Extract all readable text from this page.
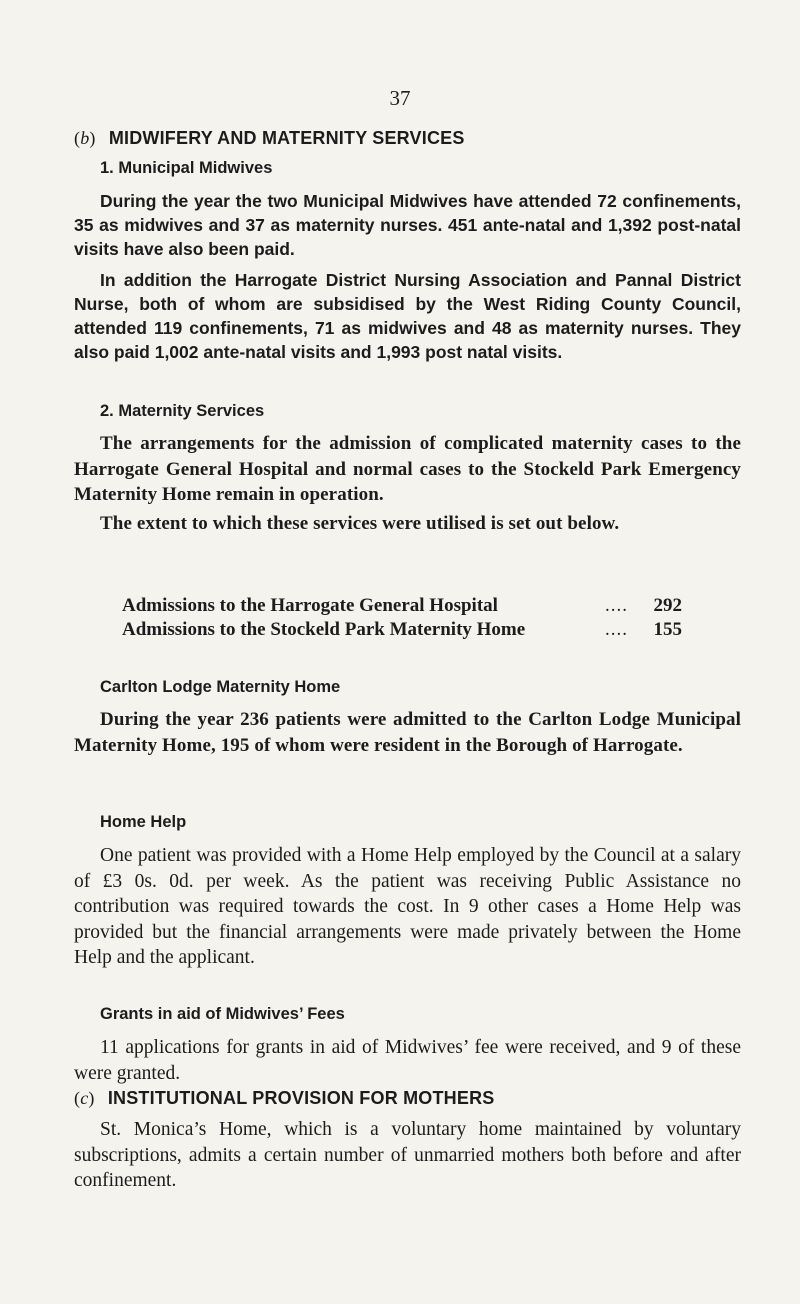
37
(b) MIDWIFERY AND MATERNITY SERVICES
1. Municipal Midwives
During the year the two Municipal Midwives have attended 72 confinements, 35 as midwives and 37 as maternity nurses. 451 ante-natal and 1,392 post-natal visits have also been paid.
In addition the Harrogate District Nursing Association and Pannal District Nurse, both of whom are subsidised by the West Riding County Council, attended 119 confinements, 71 as midwives and 48 as maternity nurses. They also paid 1,002 ante-natal visits and 1,993 post natal visits.
2. Maternity Services
The arrangements for the admission of complicated maternity cases to the Harrogate General Hospital and normal cases to the Stockeld Park Emergency Maternity Home remain in operation.
The extent to which these services were utilised is set out below.
Admissions to the Harrogate General Hospital	....	292
Admissions to the Stockeld Park Maternity Home	....	155
Carlton Lodge Maternity Home
During the year 236 patients were admitted to the Carlton Lodge Municipal Maternity Home, 195 of whom were resident in the Borough of Harrogate.
Home Help
One patient was provided with a Home Help employed by the Council at a salary of £3 0s. 0d. per week. As the patient was receiving Public Assistance no contribution was required towards the cost. In 9 other cases a Home Help was provided but the financial arrangements were made privately between the Home Help and the applicant.
Grants in aid of Midwives’ Fees
11 applications for grants in aid of Midwives’ fee were received, and 9 of these were granted.
(c) INSTITUTIONAL PROVISION FOR MOTHERS
St. Monica’s Home, which is a voluntary home maintained by voluntary subscriptions, admits a certain number of unmarried mothers both before and after confinement.
